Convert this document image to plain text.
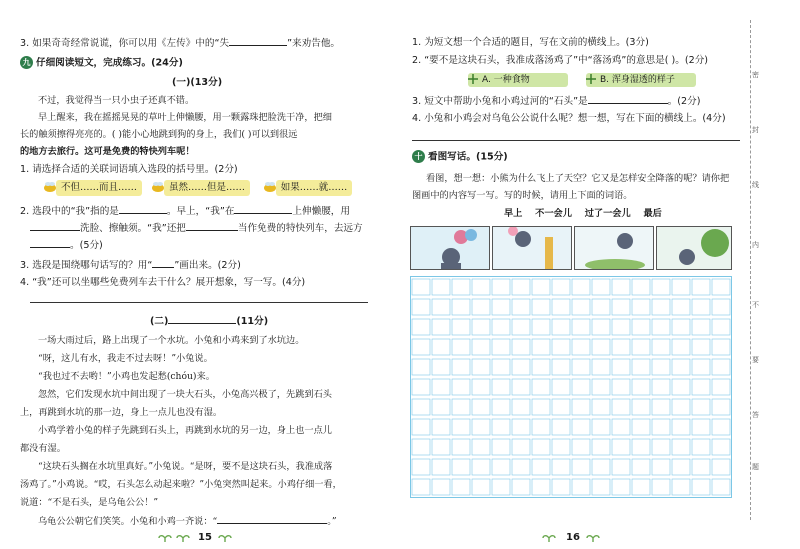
3. 如果奇奇经常说谎，你可以用《左传》中的“失	”来劝告他。
九 仔细阅读短文，完成练习。(24分)
(一)(13分)
不过，我觉得当一只小虫子还真不错。
早上醒来，我在摇摇晃晃的草叶上伸懒腰，用一颗露珠把脸洗干净，把细
长的触须擦得亮亮的。( )能小心地跳到狗的身上，我们( )可以到很远
的地方去旅行。这可是免费的特快列车呢！
1. 请选择合适的关联词语填入选段的括号里。(2分)
不但……而且……	虽然……但是……	如果……就……
2. 选段中的“我”指的是	。早上，“我”在	上伸懒腰，用
洗脸、擦触须。“我”还把	当作免费的特快列车，去远方
。(5分)
3. 选段是围绕哪句话写的？用“ ”画出来。(2分)
4. “我”还可以坐哪些免费列车去干什么？展开想象，写一写。(4分)
(二)	(11分)
一场大雨过后，路上出现了一个水坑。小兔和小鸡来到了水坑边。
“呀，这儿有水，我走不过去呀！”小兔说。
“我也过不去哟！”小鸡也发起愁(chóu)来。
忽然，它们发现水坑中间出现了一块大石头，小兔高兴极了，先跳到石头
上，再跳到水坑的那一边，身上一点儿也没有湿。
小鸡学着小兔的样子先跳到石头上，再跳到水坑的另一边，身上也一点儿
都没有湿。
“这块石头搁在水坑里真好。”小兔说。“是呀，要不是这块石头，我准成落
汤鸡了。”小鸡说。“哎，石头怎么动起来啦？”小兔突然叫起来。小鸡仔细一看，
说道：“不是石头，是乌龟公公！”
乌龟公公朝它们笑笑。小兔和小鸡一齐说：“	。”
15
1. 为短文想一个合适的题目，写在文前的横线上。(3分)
2. “要不是这块石头，我准成落汤鸡了”中“落汤鸡”的意思是( )。(2分)
A. 一种食物	B. 浑身湿透的样子
3. 短文中帮助小兔和小鸡过河的“石头”是	。(2分)
4. 小兔和小鸡会对乌龟公公说什么呢？想一想，写在下面的横线上。(4分)
十 看图写话。(15分)
看图，想一想：小熊为什么飞上了天空？它又是怎样安全降落的呢？请你把
图画中的内容写一写。写的时候，请用上下面的词语。
早上    不一会儿    过了一会儿    最后
16
密
封
线
内
不
要
答
题
